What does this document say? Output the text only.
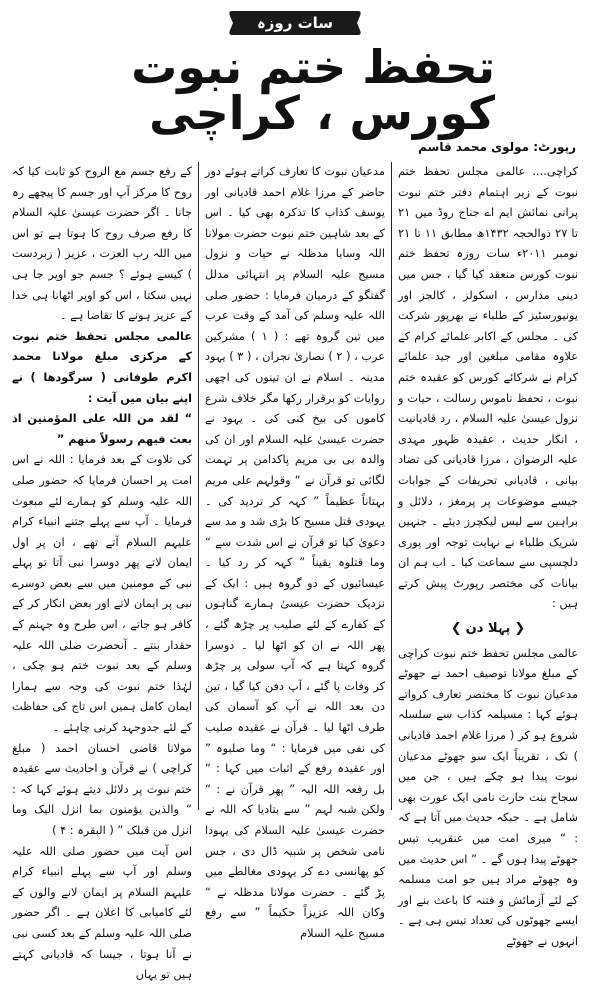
سات روزہ
تحفظ ختم نبوت کورس ، کراچی
رپورٹ: مولوی محمد قاسم

کراچی.... عالمی مجلس تحفظ ختم نبوت کے زیر اہتمام دفتر ختم نبوت پرانی نمائش ایم اے جناح روڈ میں ۲۱ تا ۲۷ ذوالحجہ ۱۴۳۲ھ مطابق ۱۱ تا ۲۱ نومبر ۲۰۱۱ء سات روزہ تحفظ ختم نبوت کورس منعقد کیا گیا ، جس میں دینی مدارس ، اسکولز ، کالجز اور یونیورسٹیز کے طلباء نے بھرپور شرکت کی ۔ مجلس کے اکابر علمائے کرام کے علاوہ مقامی مبلغین اور جید علمائے کرام نے شرکائے کورس کو عقیدہ ختم نبوت ، تحفظ ناموس رسالت ، حیات و نزول عیسیٰ علیہ السلام ، رد قادیانیت ، انکار حدیث ، عقیدہ ظہور مہدی علیہ الرضوان ، مرزا قادیانی کی تضاد بیانی ، قادیانی تحریفات کے جوابات جیسے موضوعات پر پرمغز ، دلائل و براہین سے لیس لیکچرز دیئے ۔ جنہیں شریک طلباء نے نہایت توجہ اور پوری دلچسپی سے سماعت کیا ۔ اب ہم ان بیانات کی مختصر رپورٹ پیش کرتے ہیں :

❮
پہلا دن
❯

عالمی مجلس تحفظ ختم نبوت کراچی کے مبلغ مولانا توصیف احمد نے جھوٹے مدعیان نبوت کا مختصر تعارف کرواتے ہوئے کہا : مسیلمہ کذاب سے سلسلہ شروع ہو کر ( مرزا غلام احمد قادیانی ) تک ، تقریباً ایک سو جھوٹے مدعیان نبوت پیدا ہو چکے ہیں ، جن میں سجاح بنت حارث نامی ایک عورت بھی شامل ہے ۔ جبکہ حدیث میں آتا ہے کہ : “ میری امت میں عنقریب تیس جھوٹے پیدا ہوں گے ۔ ” اس حدیث میں وہ جھوٹے مراد ہیں جو امت مسلمہ کے لئے آزمائش و فتنہ کا باعث بنے اور ایسے جھوٹوں کی تعداد تیس ہی ہے ۔ انہوں نے جھوٹے

مدعیان نبوت کا تعارف کراتے ہوئے دور حاضر کے مرزا غلام احمد قادیانی اور یوسف کذاب کا تذکرہ بھی کیا ۔ اس کے بعد شاہین ختم نبوت حضرت مولانا اللہ وسایا مدظلہ نے حیات و نزول مسیح علیہ السلام پر انتہائی مدلل گفتگو کے درمیان فرمایا : حضور صلی اللہ علیہ وسلم کی آمد کے وقت عرب میں تین گروہ تھے : ( ۱ ) مشرکین عرب ، ( ۲ ) نصاریٰ نجران ، ( ۳ ) یہود مدینہ ۔ اسلام نے ان تینوں کی اچھی روایات کو برقرار رکھا مگر خلاف شرع کاموں کی بیخ کنی کی ۔ یہود نے حضرت عیسیٰ علیہ السلام اور ان کی والدہ بی بی مریم پاکدامن پر تہمت لگائی تو قرآن نے “ وقولہم علی مریم بہتاناً عظیماً ” کہہ کر تردید کی ۔ یہودی قتل مسیح کا بڑی شد و مد سے دعویٰ کیا تو قرآن نے اس شدت سے “ وما قتلوہ یقیناً ” کہہ کر رد کیا ۔ عیسائیوں کے دو گروہ ہیں : ایک کے نزدیک حضرت عیسیٰ ہمارے گناہوں کے کفارے کے لئے صلیب پر چڑھ گئے ، پھر اللہ نے ان کو اٹھا لیا ۔ دوسرا گروہ کہتا ہے کہ آپ سولی پر چڑھ کر وفات پا گئے ، آپ دفن کیا گیا ، تین دن بعد اللہ نے آپ کو آسمان کی طرف اٹھا لیا ۔ قرآن نے عقیدہ صلیب کی نفی میں فرمایا : “ وما صلبوہ ” اور عقیدہ رفع کے اثبات میں کہا : “ بل رفعہ اللہ الیہ ” پھر قرآن نے : “ ولکن شبہ لہم ” سے بتادیا کہ اللہ نے حضرت عیسیٰ علیہ السلام کی یہودا نامی شخص پر شبیہ ڈال دی ، جس کو پھانسی دے کر یہودی مغالطے میں پڑ گئے ۔ حضرت مولانا مدظلہ نے “ وکان اللہ عزیزاً حکیماً ” سے رفع مسیح علیہ السلام

کے رفع جسم مع الروح کو ثابت کیا کہ روح کا مرکز آپ اور جسم کا پیچھے رہ جانا ۔ اگر حضرت عیسیٰ علیہ السلام کا رفع صرف روح کا ہوتا ہے تو اس میں اللہ رب العزت ، عزیز ( زبردست ) کیسے ہوئے ؟ جسم جو اوپر جا ہی نہیں سکتا ، اس کو اوپر اٹھانا ہی خدا کے عزیز ہونے کا تقاضا ہے ۔

عالمی مجلس تحفظ ختم نبوت کے مرکزی مبلغ مولانا محمد اکرم طوفانی ( سرگودھا ) نے اپنے بیان میں آیت :

“ لقد من اللہ علی المؤمنین اذ بعث فیھم رسولاً منھم ”

کی تلاوت کے بعد فرمایا : اللہ نے اس امت پر احسان فرمایا کہ حضور صلی اللہ علیہ وسلم کو ہمارے لئے مبعوث فرمایا ۔ آپ سے پہلے جتنے انبیاء کرام علیہم السلام آتے تھے ، ان پر اول ایمان لاتے پھر دوسرا نبی آتا تو پہلے نبی کے مومنین میں سے بعض دوسرے نبی پر ایمان لاتے اور بعض انکار کر کے کافر ہو جاتے ، اس طرح وہ جہنم کے حقدار بنتے ۔ آنحضرت صلی اللہ علیہ وسلم کے بعد نبوت ختم ہو چکی ، لہٰذا ختم نبوت کی وجہ سے ہمارا ایمان کامل ہمیں اس تاج کی حفاظت کے لئے جدوجہد کرنی چاہئے ۔

مولانا قاضی احسان احمد ( مبلغ کراچی ) نے قرآن و احادیث سے عقیدہ ختم نبوت پر دلائل دیتے ہوئے کہا کہ : “ والذین یؤمنون بما انزل الیک وما انزل من قبلک ” ( البقرہ : ۴ )

اس آیت میں حضور صلی اللہ علیہ وسلم اور آپ سے پہلے انبیاء کرام علیہم السلام پر ایمان لانے والوں کے لئے کامیابی کا اعلان ہے ۔ اگر حضور صلی اللہ علیہ وسلم کے بعد کسی نبی نے آنا ہوتا ، جیسا کہ قادیانی کہتے ہیں تو یہاں
